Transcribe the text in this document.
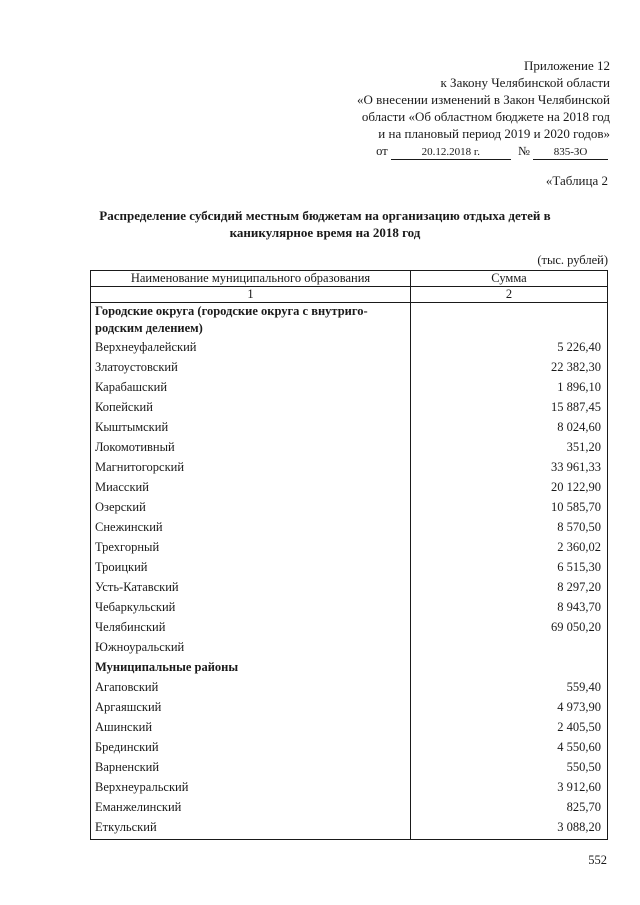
Приложение 12
к Закону Челябинской области
«О внесении изменений в Закон Челябинской
области «Об областном бюджете на 2018 год
и на плановый период 2019 и 2020 годов»
от	20.12.2018 г.	№ 835-ЗО
«Таблица 2
Распределение субсидий местным бюджетам на организацию отдыха детей в каникулярное время на 2018 год
(тыс. рублей)
Наименование муниципального образования	Сумма
1	2
Городские округа (городские округа с внутриго-родским делением)	
Верхнеуфалейский	5 226,40
Златоустовский	22 382,30
Карабашский	1 896,10
Копейский	15 887,45
Кыштымский	8 024,60
Локомотивный	351,20
Магнитогорский	33 961,33
Миасский	20 122,90
Озерский	10 585,70
Снежинский	8 570,50
Трехгорный	2 360,02
Троицкий	6 515,30
Усть-Катавский	8 297,20
Чебаркульский	8 943,70
Челябинский	69 050,20
Южноуральский	
Муниципальные районы	
Агаповский	559,40
Аргаяшский	4 973,90
Ашинский	2 405,50
Брединский	4 550,60
Варненский	550,50
Верхнеуральский	3 912,60
Еманжелинский	825,70
Еткульский	3 088,20
552
